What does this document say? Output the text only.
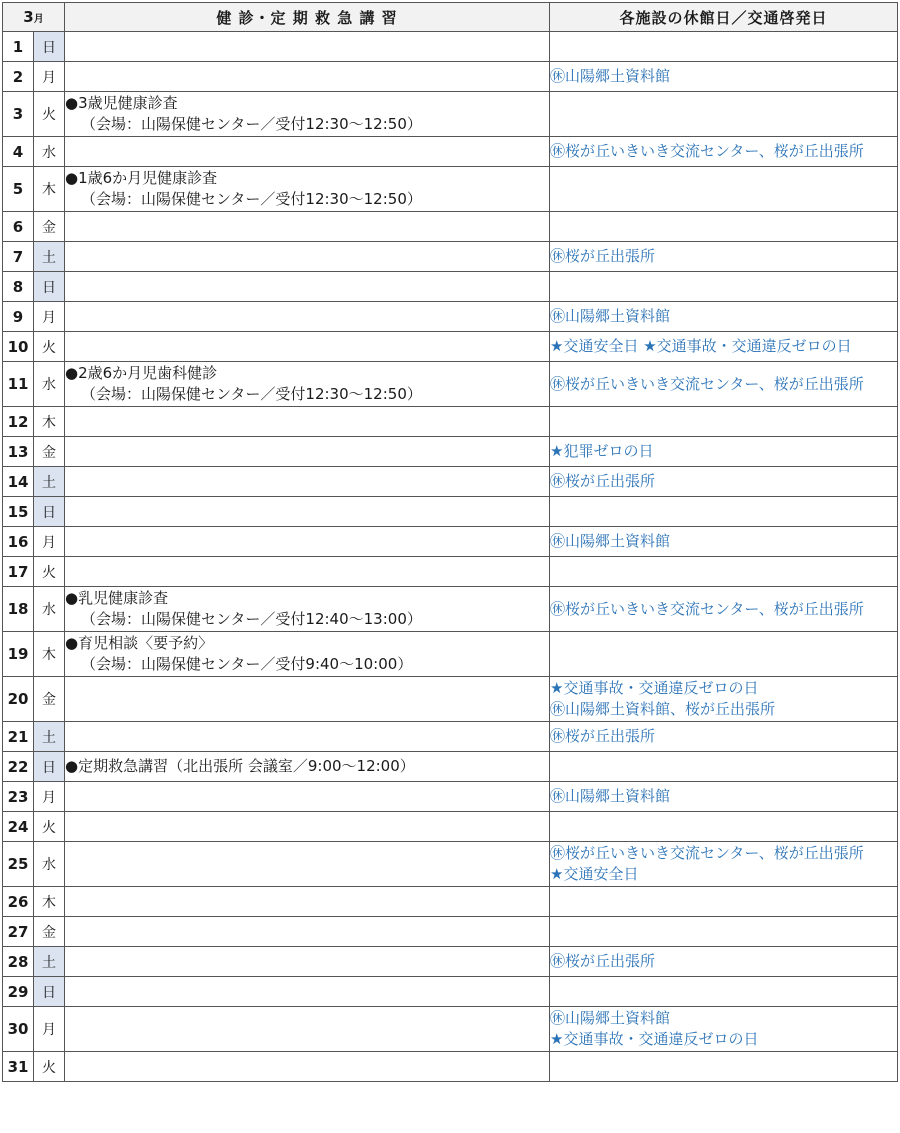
3月		健 診・定 期 救 急 講 習	各施設の休館日／交通啓発日
1	日		
2	月		㊡山陽郷土資料館

3	火	●3歳児健康診査
（会場：山陽保健センター／受付12:30～12:50）	

4	水		㊡桜が丘いきいき交流センター、桜が丘出張所

5	木	●1歳6か月児健康診査
（会場：山陽保健センター／受付12:30～12:50）	

6	金		
7	土		㊡桜が丘出張所

8	日		
9	月		㊡山陽郷土資料館

10	火		★交通安全日 ★交通事故・交通違反ゼロの日

11	水	●2歳6か月児歯科健診
（会場：山陽保健センター／受付12:30～12:50）	㊡桜が丘いきいき交流センター、桜が丘出張所

12	木		
13	金		★犯罪ゼロの日

14	土		㊡桜が丘出張所

15	日		
16	月		㊡山陽郷土資料館

17	火		
18	水	●乳児健康診査
（会場：山陽保健センター／受付12:40～13:00）	㊡桜が丘いきいき交流センター、桜が丘出張所

19	木	●育児相談〈要予約〉
（会場：山陽保健センター／受付9:40～10:00）	

20	金		★交通事故・交通違反ゼロの日
㊡山陽郷土資料館、桜が丘出張所

21	土		㊡桜が丘出張所

22	日	●定期救急講習（北出張所 会議室／9:00～12:00）	

23	月		㊡山陽郷土資料館

24	火		
25	水		㊡桜が丘いきいき交流センター、桜が丘出張所
★交通安全日

26	木		
27	金		
28	土		㊡桜が丘出張所

29	日		
30	月		㊡山陽郷土資料館
★交通事故・交通違反ゼロの日

31	火		
